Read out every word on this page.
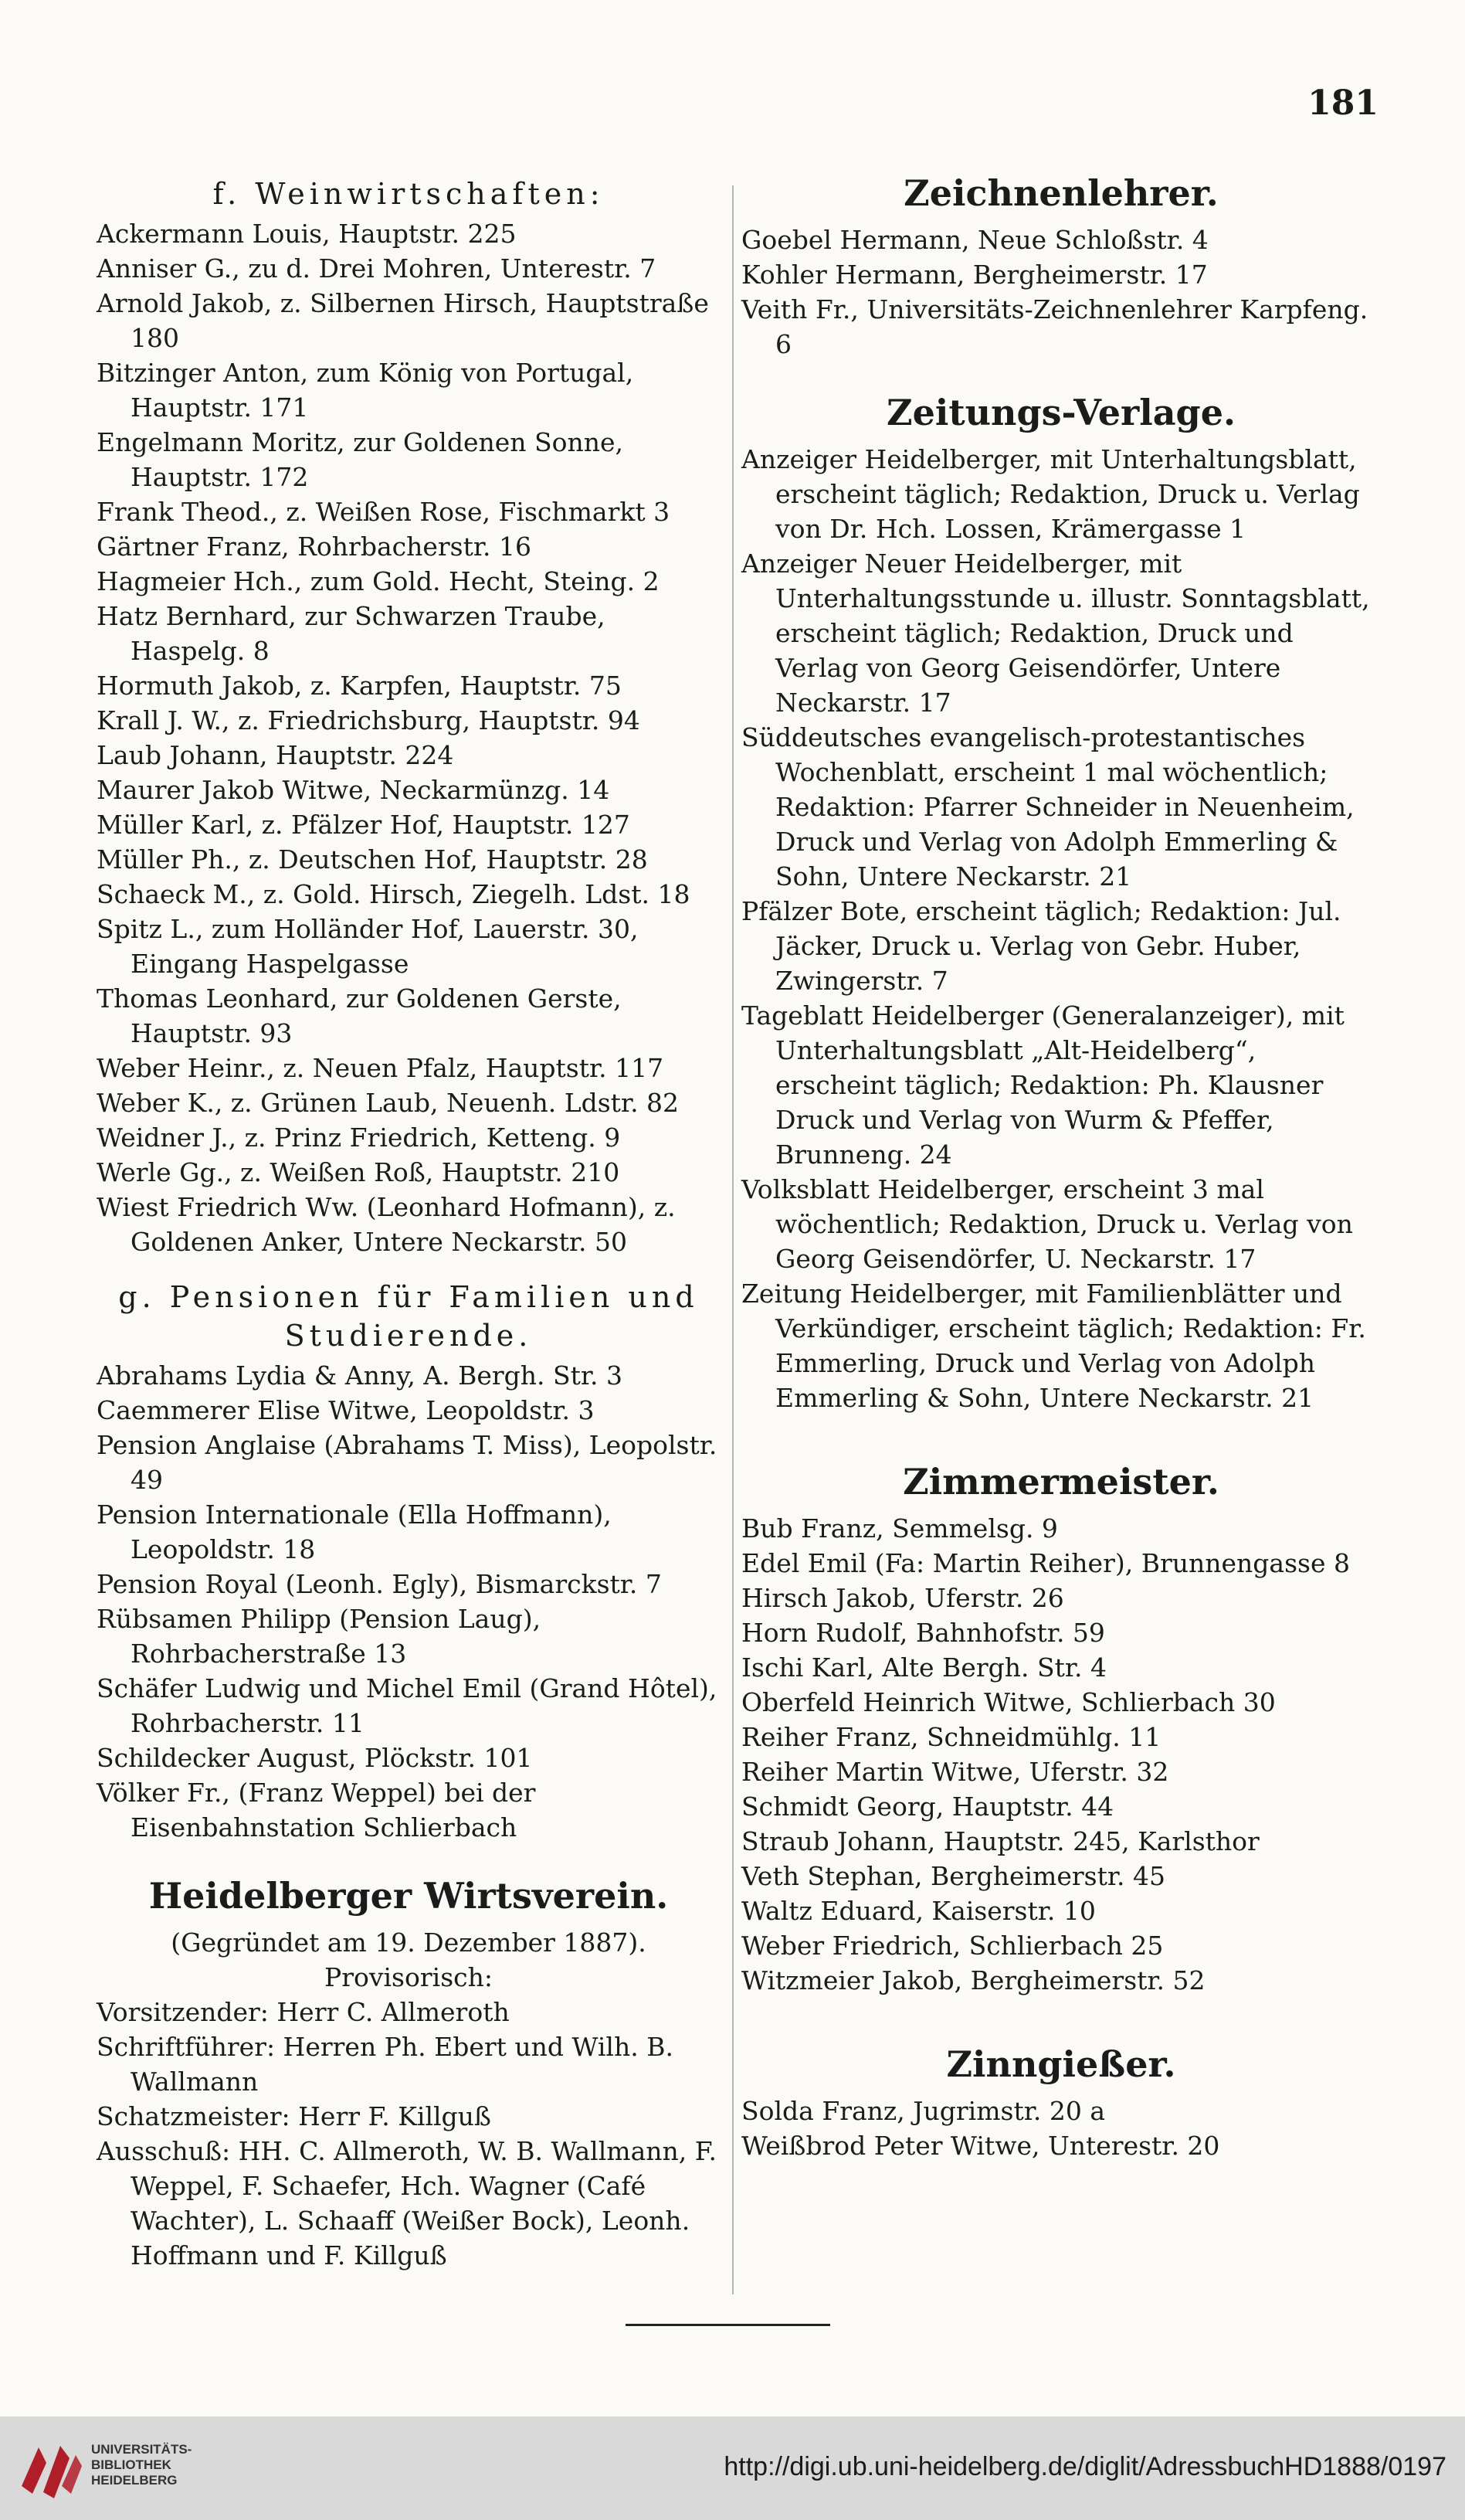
181
f. Weinwirtschaften:
Ackermann Louis, Hauptstr. 225
Anniser G., zu d. Drei Mohren, Unterestr. 7
Arnold Jakob, z. Silbernen Hirsch, Hauptstraße 180
Bitzinger Anton, zum König von Portugal, Hauptstr. 171
Engelmann Moritz, zur Goldenen Sonne, Hauptstr. 172
Frank Theod., z. Weißen Rose, Fischmarkt 3
Gärtner Franz, Rohrbacherstr. 16
Hagmeier Hch., zum Gold. Hecht, Steing. 2
Hatz Bernhard, zur Schwarzen Traube, Haspelg. 8
Hormuth Jakob, z. Karpfen, Hauptstr. 75
Krall J. W., z. Friedrichsburg, Hauptstr. 94
Laub Johann, Hauptstr. 224
Maurer Jakob Witwe, Neckarmünzg. 14
Müller Karl, z. Pfälzer Hof, Hauptstr. 127
Müller Ph., z. Deutschen Hof, Hauptstr. 28
Schaeck M., z. Gold. Hirsch, Ziegelh. Ldst. 18
Spitz L., zum Holländer Hof, Lauerstr. 30, Eingang Haspelgasse
Thomas Leonhard, zur Goldenen Gerste, Hauptstr. 93
Weber Heinr., z. Neuen Pfalz, Hauptstr. 117
Weber K., z. Grünen Laub, Neuenh. Ldstr. 82
Weidner J., z. Prinz Friedrich, Ketteng. 9
Werle Gg., z. Weißen Roß, Hauptstr. 210
Wiest Friedrich Ww. (Leonhard Hofmann), z. Goldenen Anker, Untere Neckarstr. 50
g. Pensionen für Familien und Studierende.
Abrahams Lydia & Anny, A. Bergh. Str. 3
Caemmerer Elise Witwe, Leopoldstr. 3
Pension Anglaise (Abrahams T. Miss), Leopolstr. 49
Pension Internationale (Ella Hoffmann), Leopoldstr. 18
Pension Royal (Leonh. Egly), Bismarckstr. 7
Rübsamen Philipp (Pension Laug), Rohrbacherstraße 13
Schäfer Ludwig und Michel Emil (Grand Hôtel), Rohrbacherstr. 11
Schildecker August, Plöckstr. 101
Völker Fr., (Franz Weppel) bei der Eisenbahnstation Schlierbach
Heidelberger Wirtsverein.
(Gegründet am 19. Dezember 1887).
Provisorisch:
Vorsitzender: Herr C. Allmeroth
Schriftführer: Herren Ph. Ebert und Wilh. B. Wallmann
Schatzmeister: Herr F. Killguß
Ausschuß: HH. C. Allmeroth, W. B. Wallmann, F. Weppel, F. Schaefer, Hch. Wagner (Café Wachter), L. Schaaff (Weißer Bock), Leonh. Hoffmann und F. Killguß
Zeichnenlehrer.
Goebel Hermann, Neue Schloßstr. 4
Kohler Hermann, Bergheimerstr. 17
Veith Fr., Universitäts-Zeichnenlehrer Karpfeng. 6
Zeitungs-Verlage.
Anzeiger Heidelberger, mit Unterhaltungsblatt, erscheint täglich; Redaktion, Druck u. Verlag von Dr. Hch. Lossen, Krämergasse 1
Anzeiger Neuer Heidelberger, mit Unterhaltungsstunde u. illustr. Sonntagsblatt, erscheint täglich; Redaktion, Druck und Verlag von Georg Geisendörfer, Untere Neckarstr. 17
Süddeutsches evangelisch-protestantisches Wochenblatt, erscheint 1 mal wöchentlich; Redaktion: Pfarrer Schneider in Neuenheim, Druck und Verlag von Adolph Emmerling & Sohn, Untere Neckarstr. 21
Pfälzer Bote, erscheint täglich; Redaktion: Jul. Jäcker, Druck u. Verlag von Gebr. Huber, Zwingerstr. 7
Tageblatt Heidelberger (Generalanzeiger), mit Unterhaltungsblatt „Alt-Heidelberg“, erscheint täglich; Redaktion: Ph. Klausner Druck und Verlag von Wurm & Pfeffer, Brunneng. 24
Volksblatt Heidelberger, erscheint 3 mal wöchentlich; Redaktion, Druck u. Verlag von Georg Geisendörfer, U. Neckarstr. 17
Zeitung Heidelberger, mit Familienblätter und Verkündiger, erscheint täglich; Redaktion: Fr. Emmerling, Druck und Verlag von Adolph Emmerling & Sohn, Untere Neckarstr. 21
Zimmermeister.
Bub Franz, Semmelsg. 9
Edel Emil (Fa: Martin Reiher), Brunnengasse 8
Hirsch Jakob, Uferstr. 26
Horn Rudolf, Bahnhofstr. 59
Ischi Karl, Alte Bergh. Str. 4
Oberfeld Heinrich Witwe, Schlierbach 30
Reiher Franz, Schneidmühlg. 11
Reiher Martin Witwe, Uferstr. 32
Schmidt Georg, Hauptstr. 44
Straub Johann, Hauptstr. 245, Karlsthor
Veth Stephan, Bergheimerstr. 45
Waltz Eduard, Kaiserstr. 10
Weber Friedrich, Schlierbach 25
Witzmeier Jakob, Bergheimerstr. 52
Zinngießer.
Solda Franz, Jugrimstr. 20 a
Weißbrod Peter Witwe, Unterestr. 20
UNIVERSITÄTS-
BIBLIOTHEK
HEIDELBERG	http://digi.ub.uni-heidelberg.de/diglit/AdressbuchHD1888/0197
